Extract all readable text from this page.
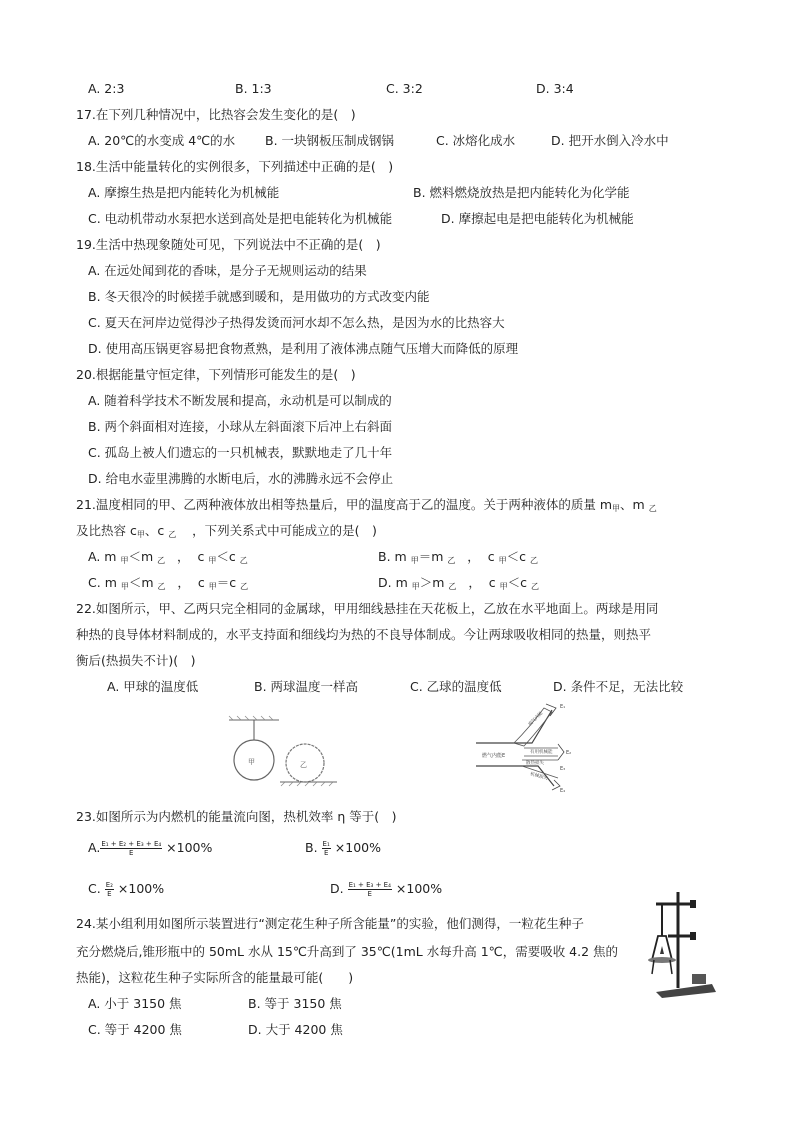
A. 2:3	B. 1:3	C. 3:2	D. 3:4
17.在下列几种情况中，比热容会发生变化的是(　)
A. 20℃的水变成 4℃的水 B. 一块钢板压制成钢锅	C. 冰熔化成水	D. 把开水倒入冷水中
18.生活中能量转化的实例很多，下列描述中正确的是(　)
A. 摩擦生热是把内能转化为机械能	B. 燃料燃烧放热是把内能转化为化学能
C. 电动机带动水泵把水送到高处是把电能转化为机械能	D. 摩擦起电是把电能转化为机械能
19.生活中热现象随处可见，下列说法中不正确的是(　)
A. 在远处闻到花的香味，是分子无规则运动的结果
B. 冬天很冷的时候搓手就感到暖和，是用做功的方式改变内能
C. 夏天在河岸边觉得沙子热得发烫而河水却不怎么热，是因为水的比热容大
D. 使用高压锅更容易把食物煮熟，是利用了液体沸点随气压增大而降低的原理
20.根据能量守恒定律，下列情形可能发生的是(　)
A. 随着科学技术不断发展和提高，永动机是可以制成的
B. 两个斜面相对连接，小球从左斜面滚下后冲上右斜面
C. 孤岛上被人们遗忘的一只机械表，默默地走了几十年
D. 给电水壶里沸腾的水断电后，水的沸腾永远不会停止
21.温度相同的甲、乙两种液体放出相等热量后，甲的温度高于乙的温度。关于两种液体的质量 $m_甲$、m $_乙$
及比热容 $c_甲$、c $_乙$ ，下列关系式中可能成立的是(　)
A. m $_甲$＜m $_乙$   ，  c $_甲$＜c $_乙$	B. m $_甲$＝m $_乙$   ，  c $_甲$＜c $_乙$
C. m $_甲$＜m $_乙$   ，  c $_甲$＝c $_乙$	D. m $_甲$＞m $_乙$   ，  c $_甲$＜c $_乙$
22.如图所示，甲、乙两只完全相同的金属球，甲用细线悬挂在天花板上，乙放在水平地面上。两球是用同
种热的良导体材料制成的，水平支持面和细线均为热的不良导体制成。今让两球吸收相同的热量，则热平
衡后(热损失不计)(　)
A. 甲球的温度低	B. 两球温度一样高	C. 乙球的温度低	D. 条件不足，无法比较
甲	乙
燃气内能E
废气内能
有用机械能
散热损失
机械损失
E₁
E₂
E₃
E₄
23.如图所示为内燃机的能量流向图，热机效率 η 等于(　)
A. $\frac{\text{E₁ + E₂ + E₃ + E₄}}{E} \times 100\%$	B. $\frac{\text{E₁}}{E} \times 100\%$
C. $\frac{\text{E₂}}{E} \times 100\%$	D. $\frac{\text{E₁ + E₃ + E₄}}{E} \times 100\%$
24.某小组利用如图所示装置进行“测定花生种子所含能量”的实验，他们测得，一粒花生种子
充分燃烧后,锥形瓶中的 50mL 水从 15℃升高到了 35℃(1mL 水每升高 1℃，需要吸收 4.2 焦的
热能)，这粒花生种子实际所含的能量最可能(　　)
A. 小于 3150 焦	B. 等于 3150 焦
C. 等于 4200 焦	D. 大于 4200 焦
